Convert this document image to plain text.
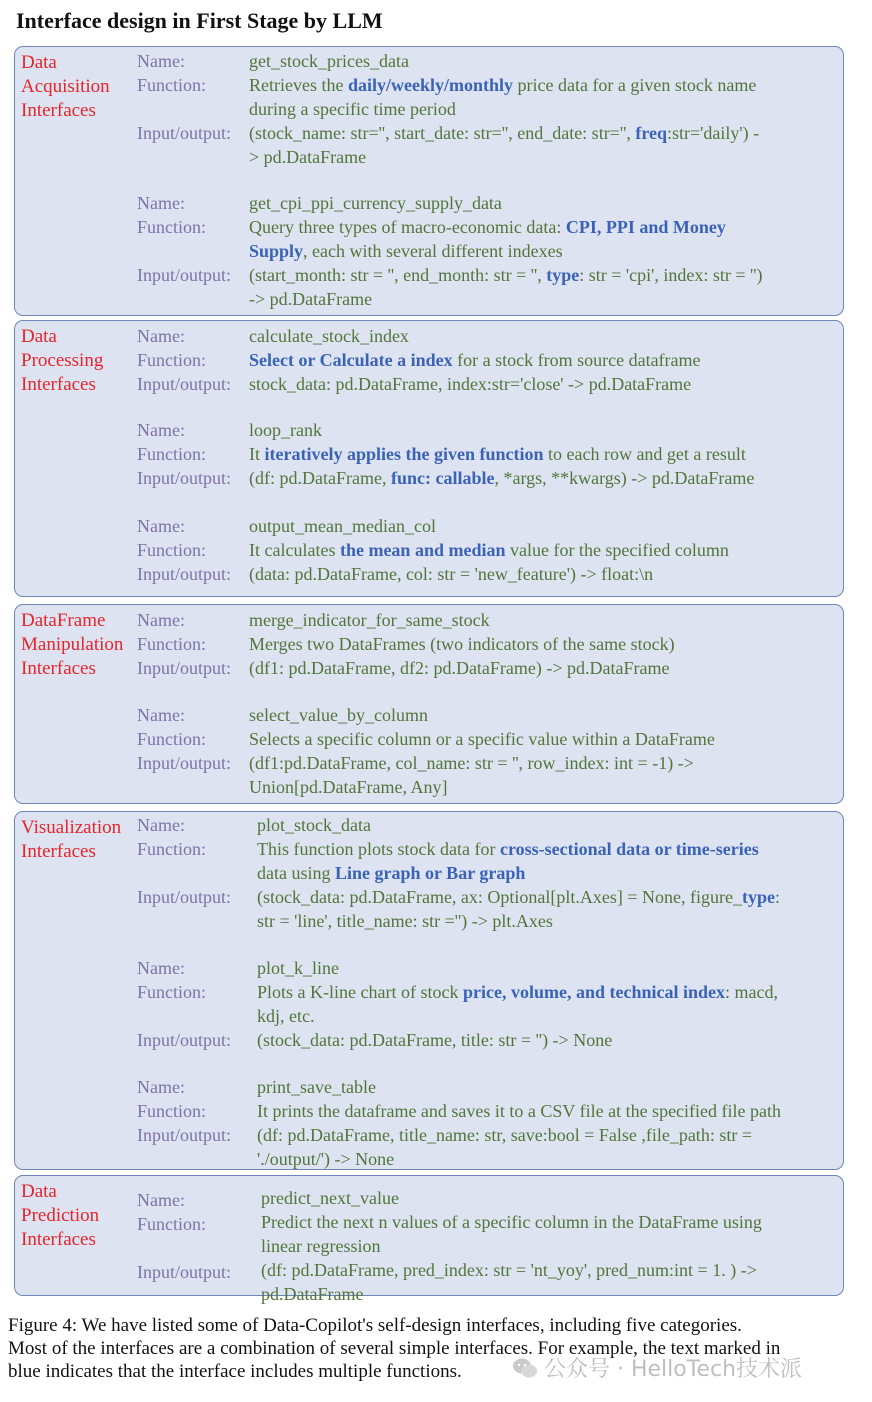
Interface design in First Stage by LLM
Data
Acquisition
Interfaces
Name:	get_stock_prices_data
Function: Retrieves the daily/weekly/monthly price data for a given stock name
during a specific time period
Input/output: (stock_name: str='', start_date: str='', end_date: str='', freq:str='daily') -
> pd.DataFrame
Name:	get_cpi_ppi_currency_supply_data
Function: Query three types of macro-economic data: CPI, PPI and Money
Supply, each with several different indexes
Input/output: (start_month: str = '', end_month: str = '', type: str = 'cpi', index: str = '')
-> pd.DataFrame
Data
Processing
Interfaces
Name:	calculate_stock_index
Function: Select or Calculate a index for a stock from source dataframe
Input/output: stock_data: pd.DataFrame, index:str='close' -> pd.DataFrame
Name:	loop_rank
Function: It iteratively applies the given function to each row and get a result
Input/output: (df: pd.DataFrame, func: callable, *args, **kwargs) -> pd.DataFrame
Name:	output_mean_median_col
Function: It calculates the mean and median value for the specified column
Input/output: (data: pd.DataFrame, col: str = 'new_feature') -> float:\n
DataFrame
Manipulation
Interfaces
Name:	merge_indicator_for_same_stock
Function: Merges two DataFrames (two indicators of the same stock)
Input/output: (df1: pd.DataFrame, df2: pd.DataFrame) -> pd.DataFrame
Name:	select_value_by_column
Function: Selects a specific column or a specific value within a DataFrame
Input/output: (df1:pd.DataFrame, col_name: str = '', row_index: int = -1) ->
Union[pd.DataFrame, Any]
Visualization
Interfaces
Name:	plot_stock_data
Function:	This function plots stock data for cross-sectional data or time-series
data using Line graph or Bar graph
Input/output: (stock_data: pd.DataFrame, ax: Optional[plt.Axes] = None, figure_type:
str = 'line', title_name: str ='') -> plt.Axes
Name:	plot_k_line
Function:	Plots a K-line chart of stock price, volume, and technical index: macd,
kdj, etc.
Input/output: (stock_data: pd.DataFrame, title: str = '') -> None
Name:	print_save_table
Function:	It prints the dataframe and saves it to a CSV file at the specified file path
Input/output: (df: pd.DataFrame, title_name: str, save:bool = False ,file_path: str =
'./output/') -> None
Data
Prediction
Interfaces
Name:	predict_next_value
Function:	Predict the next n values of a specific column in the DataFrame using
linear regression
Input/output: (df: pd.DataFrame, pred_index: str = 'nt_yoy', pred_num:int = 1. ) ->
pd.DataFrame
Figure 4: We have listed some of Data-Copilot's self-design interfaces, including five categories.
Most of the interfaces are a combination of several simple interfaces. For example, the text marked in
blue indicates that the interface includes multiple functions.	公众号 · HelloTech技术派
